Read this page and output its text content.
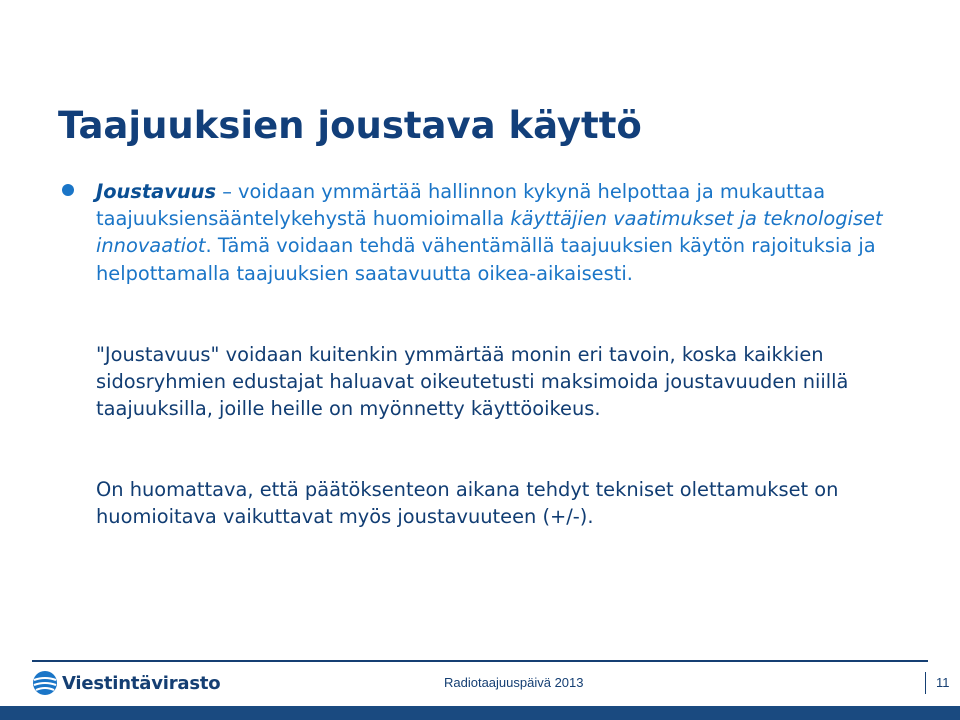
Taajuuksien joustava käyttö

Joustavuus – voidaan ymmärtää hallinnon kykynä helpottaa ja mukauttaa taajuuksiensääntelykehystä huomioimalla käyttäjien vaatimukset ja teknologiset innovaatiot. Tämä voidaan tehdä vähentämällä taajuuksien käytön rajoituksia ja helpottamalla taajuuksien saatavuutta oikea-aikaisesti.

"Joustavuus" voidaan kuitenkin ymmärtää monin eri tavoin, koska kaikkien sidosryhmien edustajat haluavat oikeutetusti maksimoida joustavuuden niillä taajuuksilla, joille heille on myönnetty käyttöoikeus.

On huomattava, että päätöksenteon aikana tehdyt tekniset olettamukset on huomioitava vaikuttavat myös joustavuuteen (+/-).

Viestintävirasto	Radiotaajuuspäivä 2013	11
